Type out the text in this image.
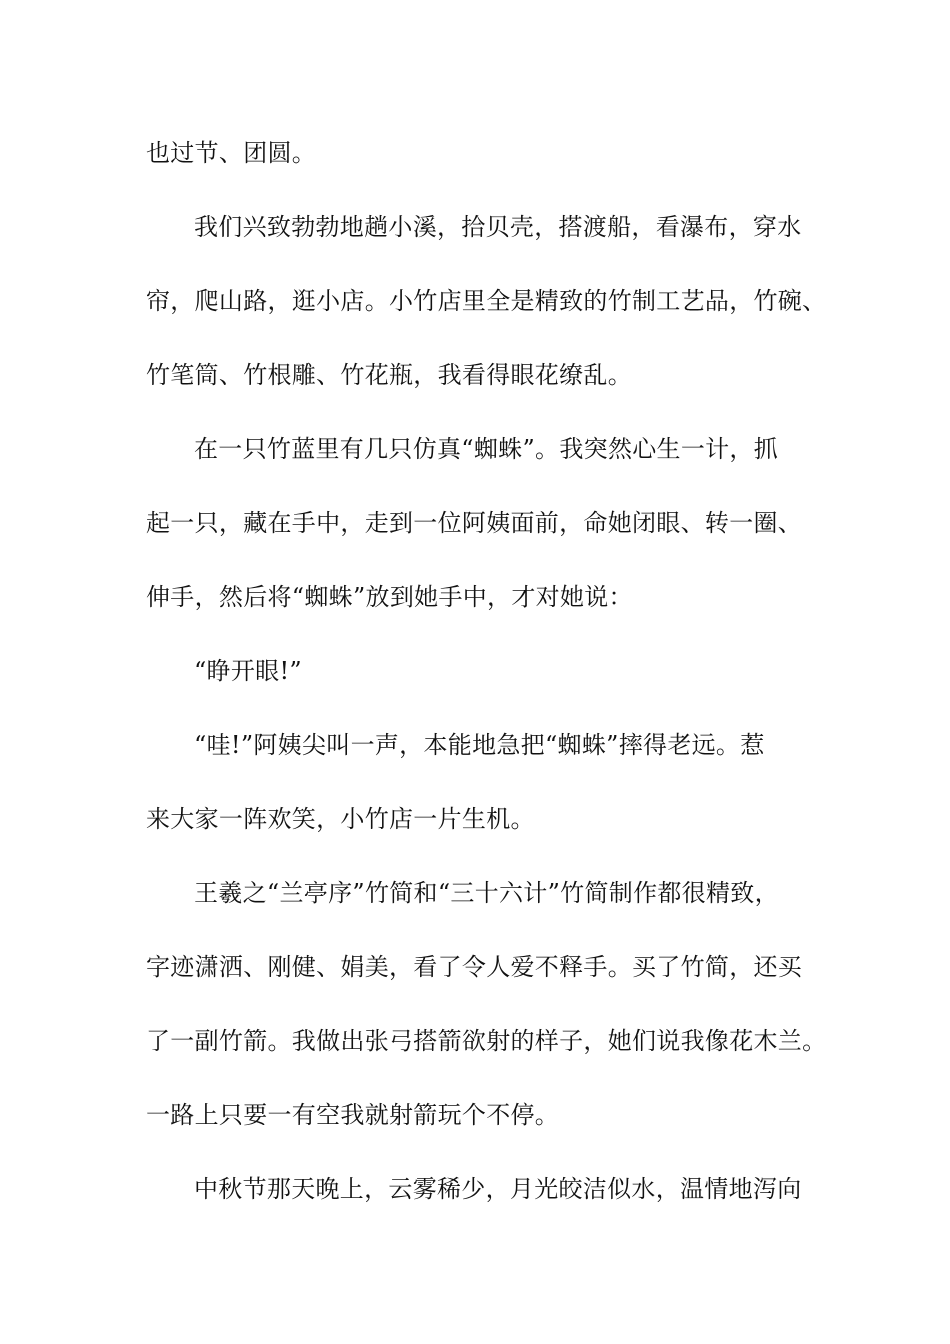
也过节、团圆。
我们兴致勃勃地趟小溪，拾贝壳，搭渡船，看瀑布，穿水
帘，爬山路，逛小店。小竹店里全是精致的竹制工艺品，竹碗、
竹笔筒、竹根雕、竹花瓶，我看得眼花缭乱。
在一只竹蓝里有几只仿真“蜘蛛”。我突然心生一计，抓
起一只，藏在手中，走到一位阿姨面前，命她闭眼、转一圈、
伸手，然后将“蜘蛛”放到她手中，才对她说：
“睁开眼!”
“哇!”阿姨尖叫一声，本能地急把“蜘蛛”摔得老远。惹
来大家一阵欢笑，小竹店一片生机。
王羲之“兰亭序”竹简和“三十六计”竹简制作都很精致，
字迹潇洒、刚健、娟美，看了令人爱不释手。买了竹简，还买
了一副竹箭。我做出张弓搭箭欲射的样子，她们说我像花木兰。
一路上只要一有空我就射箭玩个不停。
中秋节那天晚上，云雾稀少，月光皎洁似水，温情地泻向
